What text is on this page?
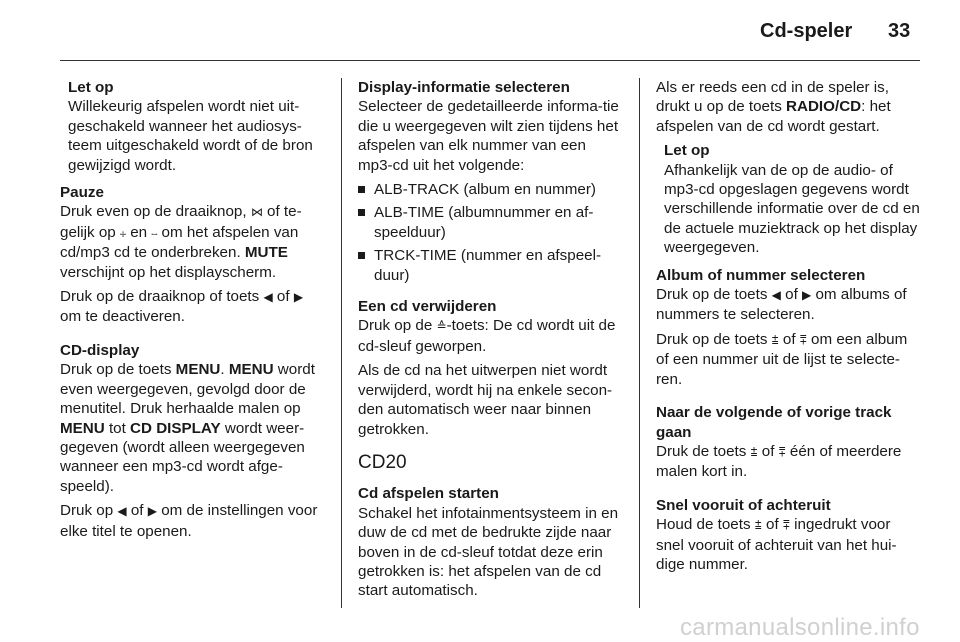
Cd-speler 33
Let op
Willekeurig afspelen wordt niet uit-geschakeld wanneer het audiosys-teem uitgeschakeld wordt of de bron gewijzigd wordt.
Pauze

Druk even op de draaiknop, ⋈ of te-gelijk op ⧾ en ⧿ om het afspelen van cd/mp3 cd te onderbreken. MUTE verschijnt op het displayscherm.

Druk op de draaiknop of toets ◀ of ▶ om te deactiveren.

CD-display

Druk op de toets MENU. MENU wordt even weergegeven, gevolgd door de menutitel. Druk herhaalde malen op MENU tot CD DISPLAY wordt weer-gegeven (wordt alleen weergegeven wanneer een mp3-cd wordt afge-speeld).

Druk op ◀ of ▶ om de instellingen voor elke titel te openen.

Display-informatie selecteren

Selecteer de gedetailleerde informa-tie die u weergegeven wilt zien tijdens het afspelen van elk nummer van een mp3-cd uit het volgende:

ALB-TRACK (album en nummer)
ALB-TIME (albumnummer en af-speelduur)
TRCK-TIME (nummer en afspeel-duur)
Een cd verwijderen

Druk op de ≙-toets: De cd wordt uit de cd-sleuf geworpen.

Als de cd na het uitwerpen niet wordt verwijderd, wordt hij na enkele secon-den automatisch weer naar binnen getrokken.

CD20
Cd afspelen starten

Schakel het infotainmentsysteem in en duw de cd met de bedrukte zijde naar boven in de cd-sleuf totdat deze erin getrokken is: het afspelen van de cd start automatisch.

Als er reeds een cd in de speler is, drukt u op de toets RADIO/CD: het afspelen van de cd wordt gestart.

Let op
Afhankelijk van de op de audio- of mp3-cd opgeslagen gegevens wordt verschillende informatie over de cd en de actuele muziektrack op het display weergegeven.
Album of nummer selecteren

Druk op de toets ◀ of ▶ om albums of nummers te selecteren.

Druk op de toets ⩲ of ⩱ om een album of een nummer uit de lijst te selecte-ren.

Naar de volgende of vorige track gaan

Druk de toets ⩲ of ⩱ één of meerdere malen kort in.

Snel vooruit of achteruit

Houd de toets ⩲ of ⩱ ingedrukt voor snel vooruit of achteruit van het hui-dige nummer.

carmanualsonline.info
